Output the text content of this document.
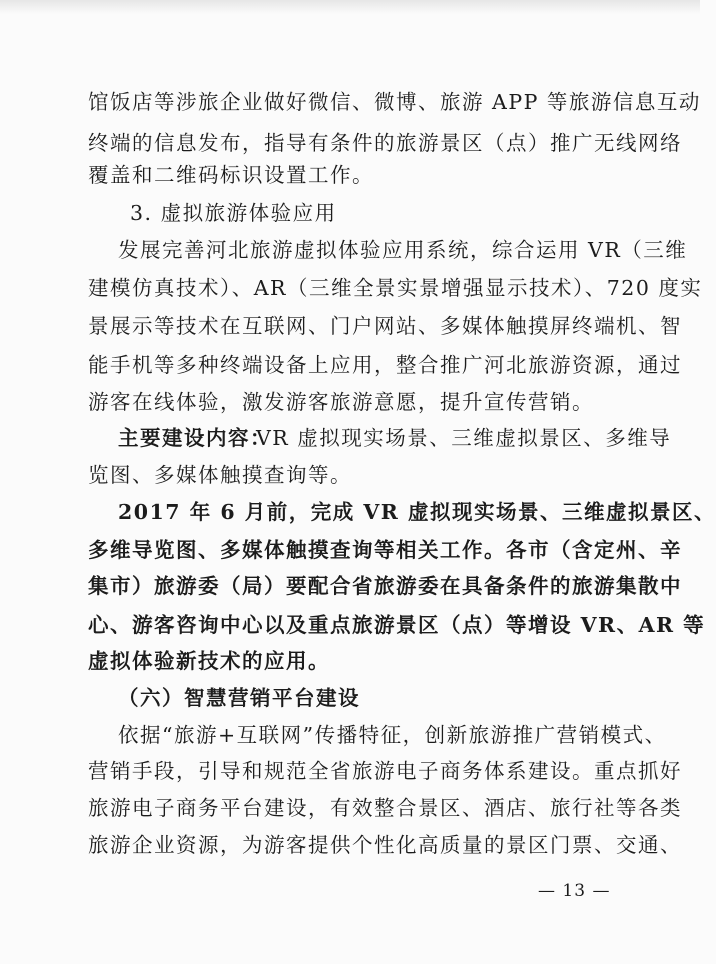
馆饭店等涉旅企业做好微信、微博、旅游 APP 等旅游信息互动
终端的信息发布，指导有条件的旅游景区（点）推广无线网络
覆盖和二维码标识设置工作。
3. 虚拟旅游体验应用
发展完善河北旅游虚拟体验应用系统，综合运用 VR（三维
建模仿真技术）、AR（三维全景实景增强显示技术）、720 度实
景展示等技术在互联网、门户网站、多媒体触摸屏终端机、智
能手机等多种终端设备上应用，整合推广河北旅游资源，通过
游客在线体验，激发游客旅游意愿，提升宣传营销。
主要建设内容：
VR 虚拟现实场景、三维虚拟景区、多维导
览图、多媒体触摸查询等。
2017 年 6 月前，完成 VR 虚拟现实场景、三维虚拟景区、
多维导览图、多媒体触摸查询等相关工作。各市（含定州、辛
集市）旅游委（局）要配合省旅游委在具备条件的旅游集散中
心、游客咨询中心以及重点旅游景区（点）等增设 VR、AR 等
虚拟体验新技术的应用。
（六）智慧营销平台建设
依据“旅游+互联网”传播特征，创新旅游推广营销模式、
营销手段，引导和规范全省旅游电子商务体系建设。重点抓好
旅游电子商务平台建设，有效整合景区、酒店、旅行社等各类
旅游企业资源，为游客提供个性化高质量的景区门票、交通、
— 13 —
